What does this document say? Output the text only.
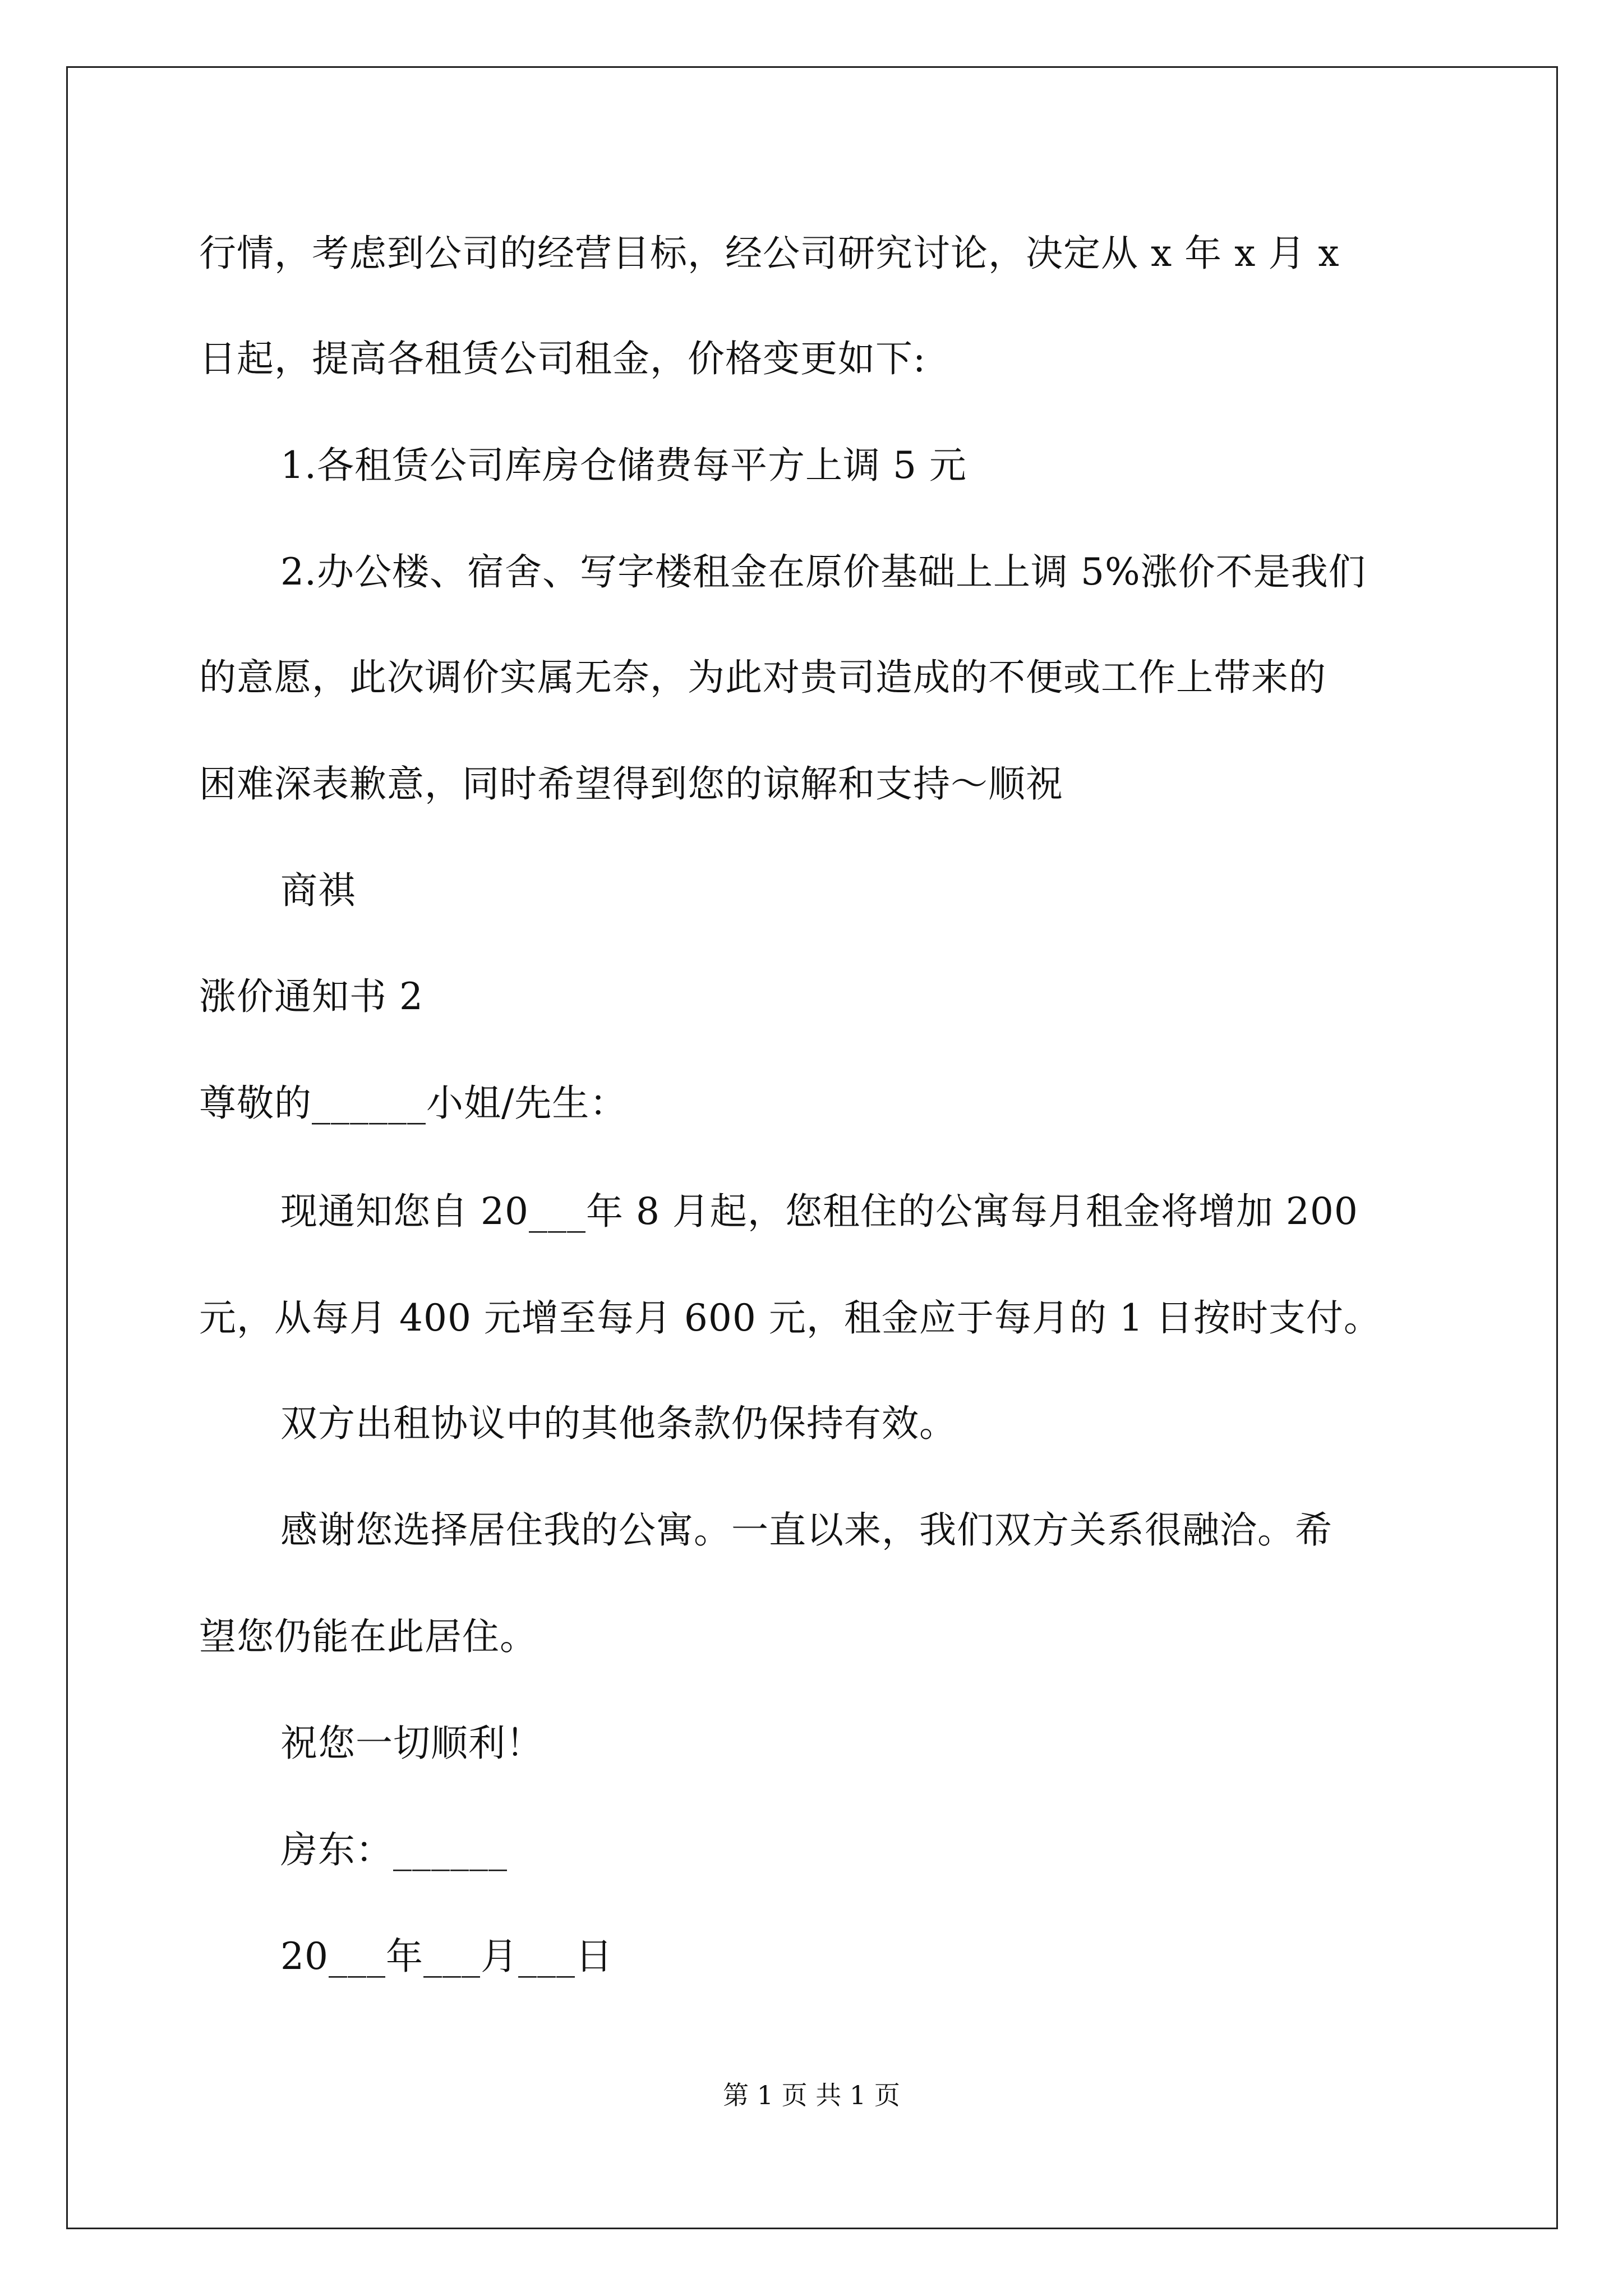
行情，考虑到公司的经营目标，经公司研究讨论，决定从 x 年 x 月 x
日起，提高各租赁公司租金，价格变更如下:
1.各租赁公司库房仓储费每平方上调 5 元
2.办公楼、宿舍、写字楼租金在原价基础上上调 5%涨价不是我们
的意愿，此次调价实属无奈，为此对贵司造成的不便或工作上带来的
困难深表歉意，同时希望得到您的谅解和支持～顺祝
商祺
涨价通知书 2
尊敬的______小姐/先生：
现通知您自 20___年 8 月起，您租住的公寓每月租金将增加 200
元，从每月 400 元增至每月 600 元，租金应于每月的 1 日按时支付。
双方出租协议中的其他条款仍保持有效。
感谢您选择居住我的公寓。一直以来，我们双方关系很融洽。希
望您仍能在此居住。
祝您一切顺利！
房东：______
20___年___月___日
第 1 页 共 1 页
